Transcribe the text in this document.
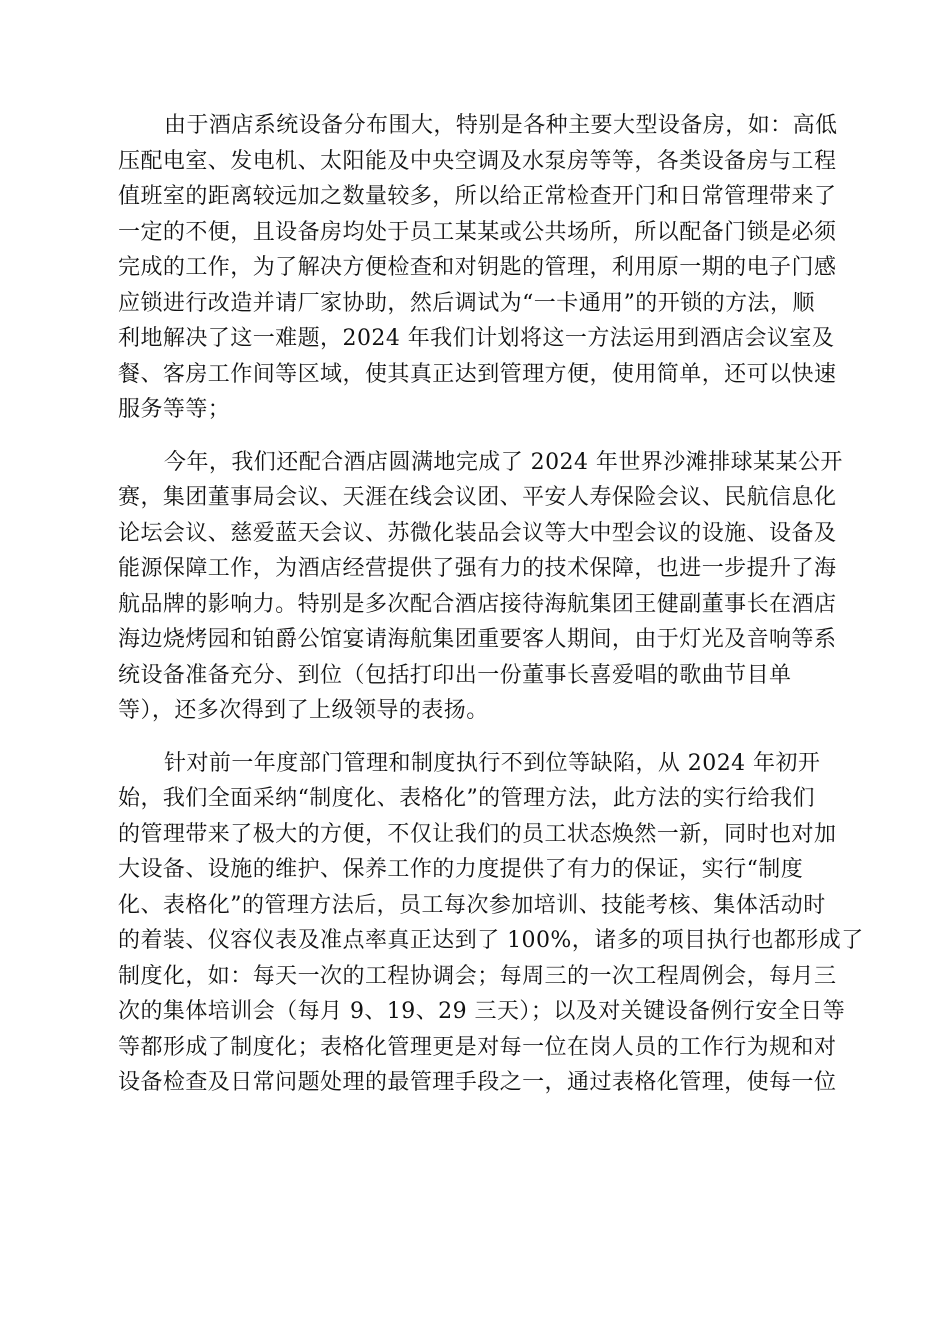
由于酒店系统设备分布围大，特别是各种主要大型设备房，如：高低
压配电室、发电机、太阳能及中央空调及水泵房等等，各类设备房与工程
值班室的距离较远加之数量较多，所以给正常检查开门和日常管理带来了
一定的不便，且设备房均处于员工某某或公共场所，所以配备门锁是必须
完成的工作，为了解决方便检查和对钥匙的管理，利用原一期的电子门感
应锁进行改造并请厂家协助，然后调试为“一卡通用”的开锁的方法，顺
利地解决了这一难题，2024 年我们计划将这一方法运用到酒店会议室及
餐、客房工作间等区域，使其真正达到管理方便，使用简单，还可以快速
服务等等；

今年，我们还配合酒店圆满地完成了 2024 年世界沙滩排球某某公开
赛，集团董事局会议、天涯在线会议团、平安人寿保险会议、民航信息化
论坛会议、慈爱蓝天会议、苏微化装品会议等大中型会议的设施、设备及
能源保障工作，为酒店经营提供了强有力的技术保障，也进一步提升了海
航品牌的影响力。特别是多次配合酒店接待海航集团王健副董事长在酒店
海边烧烤园和铂爵公馆宴请海航集团重要客人期间，由于灯光及音响等系
统设备准备充分、到位（包括打印出一份董事长喜爱唱的歌曲节目单
等），还多次得到了上级领导的表扬。

针对前一年度部门管理和制度执行不到位等缺陷，从 2024 年初开
始，我们全面采纳“制度化、表格化”的管理方法，此方法的实行给我们
的管理带来了极大的方便，不仅让我们的员工状态焕然一新，同时也对加
大设备、设施的维护、保养工作的力度提供了有力的保证，实行“制度
化、表格化”的管理方法后，员工每次参加培训、技能考核、集体活动时
的着装、仪容仪表及准点率真正达到了 100%，诸多的项目执行也都形成了
制度化，如：每天一次的工程协调会；每周三的一次工程周例会，每月三
次的集体培训会（每月 9、19、29 三天）；以及对关键设备例行安全日等
等都形成了制度化；表格化管理更是对每一位在岗人员的工作行为规和对
设备检查及日常问题处理的最管理手段之一，通过表格化管理，使每一位
